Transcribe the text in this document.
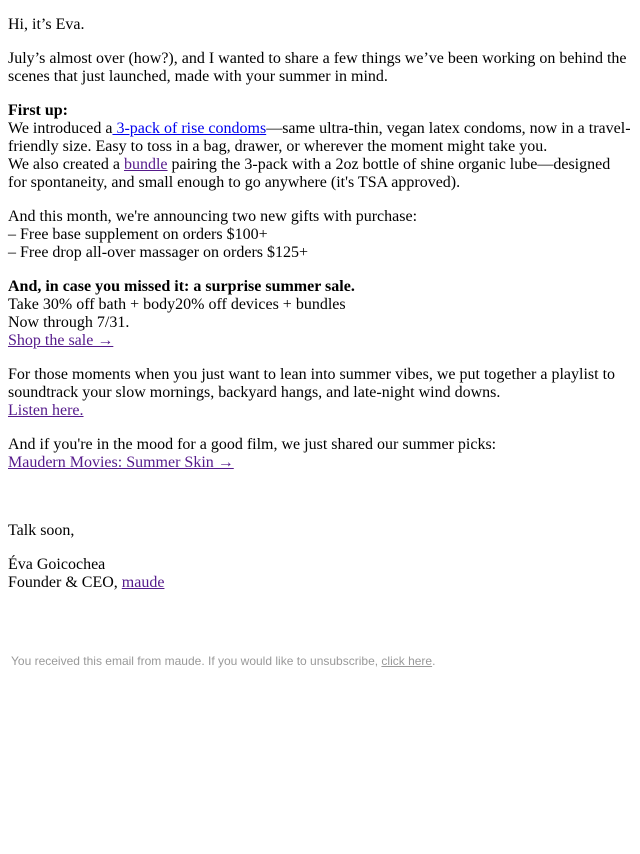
Hi, it’s Eva.

July’s almost over (how?), and I wanted to share a few things we’ve been working on behind the scenes that just launched, made with your summer in mind.

First up:
We introduced a 3-pack of rise condoms—same ultra-thin, vegan latex condoms, now in a travel-friendly size. Easy to toss in a bag, drawer, or wherever the moment might take you.
We also created a bundle pairing the 3-pack with a 2oz bottle of shine organic lube—designed for spontaneity, and small enough to go anywhere (it's TSA approved).

And this month, we're announcing two new gifts with purchase:
– Free base supplement on orders $100+
– Free drop all-over massager on orders $125+

And, in case you missed it: a surprise summer sale.
Take 30% off bath + body20% off devices + bundles
Now through 7/31.
Shop the sale →

For those moments when you just want to lean into summer vibes, we put together a playlist to soundtrack your slow mornings, backyard hangs, and late-night wind downs.
Listen here.

And if you're in the mood for a good film, we just shared our summer picks:
Maudern Movies: Summer Skin →

Talk soon,

Éva Goicochea
Founder & CEO, maude

You received this email from maude. If you would like to unsubscribe, click here.
